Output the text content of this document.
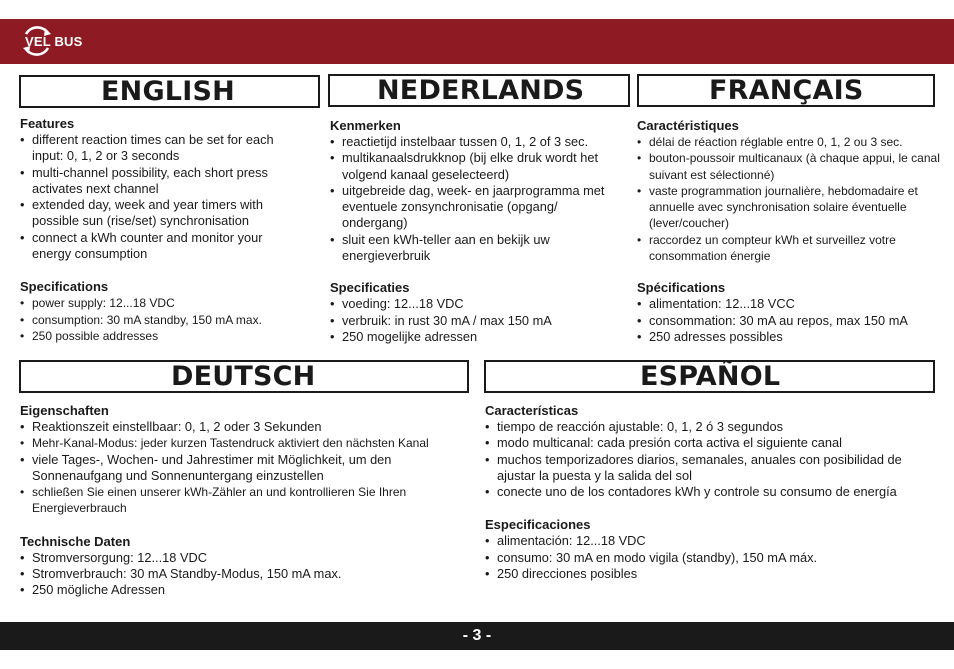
VEL BUS
ENGLISH
Features
• different reaction times can be set for each input: 0, 1, 2 or 3 seconds
• multi-channel possibility, each short press activates next channel
• extended day, week and year timers with possible sun (rise/set) synchronisation
• connect a kWh counter and monitor your energy consumption
Specifications
• power supply: 12...18 VDC
• consumption: 30 mA standby, 150 mA max.
• 250 possible addresses
NEDERLANDS
Kenmerken
• reactietijd instelbaar tussen 0, 1, 2 of 3 sec.
• multikanaalsdrukknop (bij elke druk wordt het volgend kanaal geselecteerd)
• uitgebreide dag, week- en jaarprogramma met eventuele zonsynchronisatie (opgang/ ondergang)
• sluit een kWh-teller aan en bekijk uw energieverbruik
Specificaties
• voeding: 12...18 VDC
• verbruik: in rust 30 mA / max 150 mA
• 250 mogelijke adressen
FRANÇAIS
Caractéristiques
• délai de réaction réglable entre 0, 1, 2 ou 3 sec.
• bouton-poussoir multicanaux (à chaque appui, le canal suivant est sélectionné)
• vaste programmation journalière, hebdomadaire et annuelle avec synchronisation solaire éventuelle (lever/coucher)
• raccordez un compteur kWh et surveillez votre consommation énergie
Spécifications
• alimentation: 12...18 VCC
• consommation: 30 mA au repos, max 150 mA
• 250 adresses possibles
DEUTSCH
Eigenschaften
• Reaktionszeit einstellbaar: 0, 1, 2 oder 3 Sekunden
• Mehr-Kanal-Modus: jeder kurzen Tastendruck aktiviert den nächsten Kanal
• viele Tages-, Wochen- und Jahrestimer mit Möglichkeit, um den Sonnenaufgang und Sonnenuntergang einzustellen
• schließen Sie einen unserer kWh-Zähler an und kontrollieren Sie Ihren Energieverbrauch
Technische Daten
• Stromversorgung: 12...18 VDC
• Stromverbrauch: 30 mA Standby-Modus, 150 mA max.
• 250 mögliche Adressen
ESPAÑOL
Características
• tiempo de reacción ajustable: 0, 1, 2 ó 3 segundos
• modo multicanal: cada presión corta activa el siguiente canal
• muchos temporizadores diarios, semanales, anuales con posibilidad de ajustar la puesta y la salida del sol
• conecte uno de los contadores kWh y controle su consumo de energía
Especificaciones
• alimentación: 12...18 VDC
• consumo: 30 mA en modo vigila (standby), 150 mA máx.
• 250 direcciones posibles
- 3 -
